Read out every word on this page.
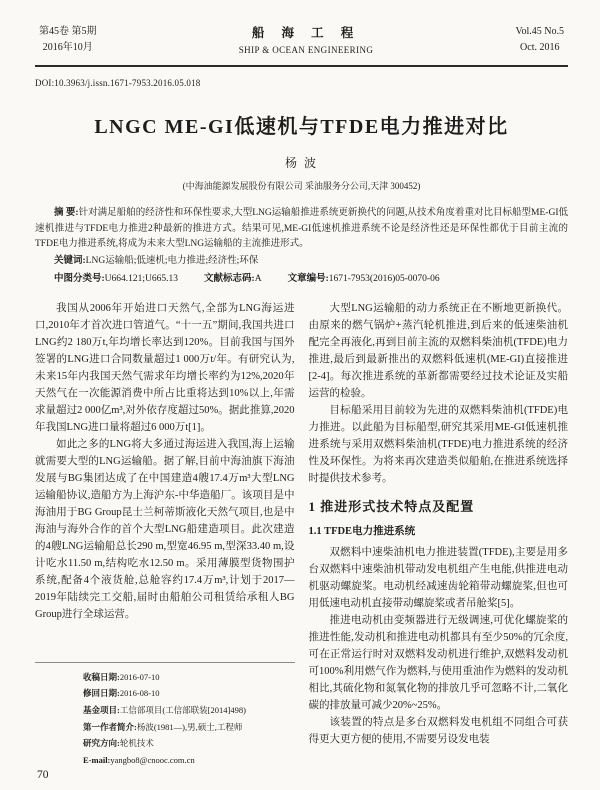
第45卷 第5期
2016年10月
船 海 工 程
SHIP & OCEAN ENGINEERING
Vol.45 No.5
Oct. 2016
DOI:10.3963/j.issn.1671-7953.2016.05.018
LNGC ME-GI低速机与TFDE电力推进对比
杨 波
(中海油能源发展股份有限公司 采油服务分公司,天津 300452)
摘 要:针对满足船舶的经济性和环保性要求,大型LNG运输船推进系统更新换代的问题,从技术角度着重对比目标船型ME-GI低速机推进与TFDE电力推进2种最新的推进方式。结果可见,ME-GI低速机推进系统不论是经济性还是环保性都优于目前主流的TFDE电力推进系统,将成为未来大型LNG运输船的主流推进形式。
关键词:LNG运输船;低速机;电力推进;经济性;环保
中图分类号:U664.121;U665.13	文献标志码:A	文章编号:1671-7953(2016)05-0070-06

我国从2006年开始进口天然气,全部为LNG海运进口,2010年才首次进口管道气。“十一五”期间,我国共进口LNG约2 180万t,年均增长率达到120%。目前我国与国外签署的LNG进口合同数量超过1 000万t/年。有研究认为,未来15年内我国天然气需求年均增长率约为12%,2020年天然气在一次能源消费中所占比重将达到10%以上,年需求量超过2 000亿m³,对外依存度超过50%。据此推算,2020年我国LNG进口量将超过6 000万t[1]。

如此之多的LNG将大多通过海运进入我国,海上运输就需要大型的LNG运输船。据了解,目前中海油旗下海油发展与BG集团达成了在中国建造4艘17.4万m³大型LNG运输船协议,造船方为上海沪东-中华造船厂。该项目是中海油用于BG Group昆士兰柯蒂斯液化天然气项目,也是中海油与海外合作的首个大型LNG船建造项目。此次建造的4艘LNG运输船总长290 m,型宽46.95 m,型深33.40 m,设计吃水11.50 m,结构吃水12.50 m。采用薄膜型货物围护系统,配备4个液货舱,总舱容约17.4万m³,计划于2017—2019年陆续完工交船,届时由船舶公司租赁给承租人BG Group进行全球运营。

收稿日期:2016-07-10
修回日期:2016-08-10
基金项目:工信部项目(工信部联装[2014]498)
第一作者简介:杨波(1981—),男,硕士,工程师
研究方向:轮机技术
E-mail:yangbo8@cnooc.com.cn

大型LNG运输船的动力系统正在不断地更新换代。由原来的燃气锅炉+蒸汽轮机推进,到后来的低速柴油机配完全再液化,再到目前主流的双燃料柴油机(TFDE)电力推进,最后到最新推出的双燃料低速机(ME-GI)直接推进[2-4]。每次推进系统的革新都需要经过技术论证及实船运营的检验。

目标船采用目前较为先进的双燃料柴油机(TFDE)电力推进。以此船为目标船型,研究其采用ME-GI低速机推进系统与采用双燃料柴油机(TFDE)电力推进系统的经济性及环保性。为将来再次建造类似船舶,在推进系统选择时提供技术参考。

1 推进形式技术特点及配置
1.1 TFDE电力推进系统

双燃料中速柴油机电力推进装置(TFDE),主要是用多台双燃料中速柴油机带动发电机组产生电能,供推进电动机驱动螺旋桨。电动机经减速齿轮箱带动螺旋桨,但也可用低速电动机直接带动螺旋桨或者吊舱桨[5]。

推进电动机由变频器进行无级调速,可优化螺旋桨的推进性能,发动机和推进电动机都具有至少50%的冗余度,可在正常运行时对双燃料发动机进行维护,双燃料发动机可100%利用燃气作为燃料,与使用重油作为燃料的发动机相比,其硫化物和氮氧化物的排放几乎可忽略不计,二氧化碳的排放量可减少20%~25%。

该装置的特点是多台双燃料发电机组不同组合可获得更大更方便的使用,不需要另设发电装

70
